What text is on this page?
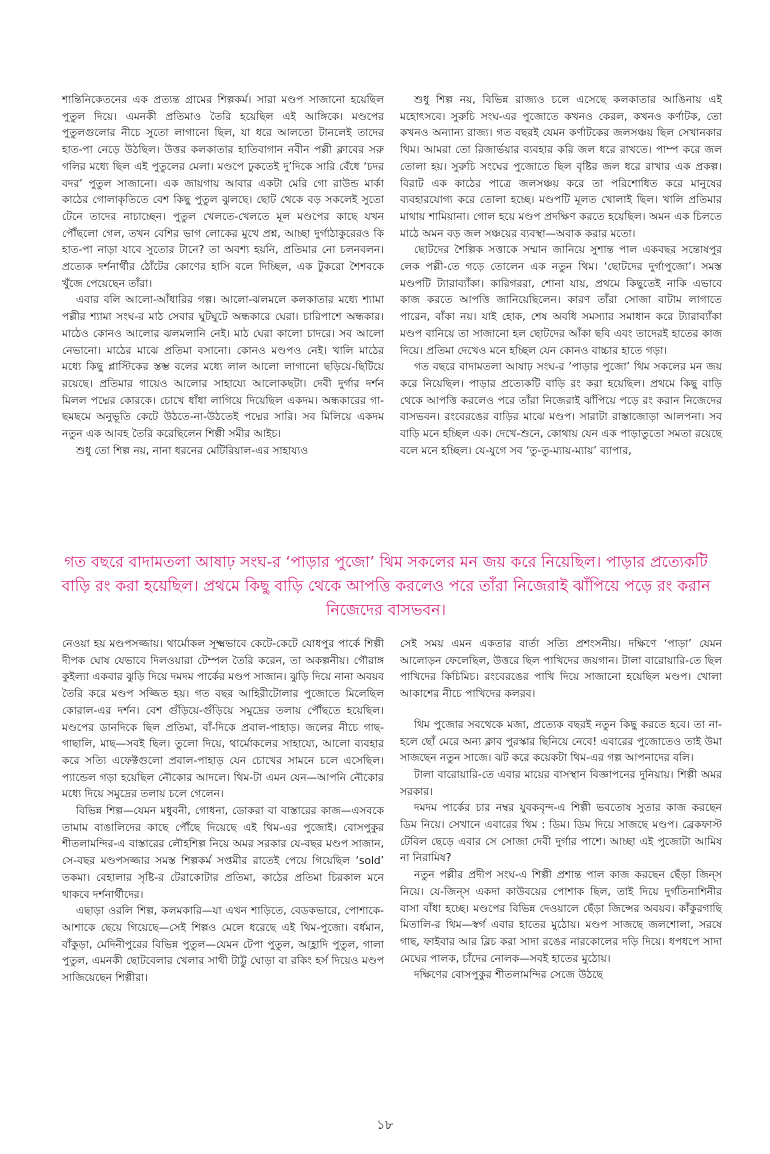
শান্তিনিকেতনের এক প্রত্যন্ত গ্রামের শিল্পকর্ম। সারা মণ্ডপ সাজানো হয়েছিল পুতুল দিয়ে। এমনকী প্রতিমাও তৈরি হয়েছিল এই আঙ্গিকে। মণ্ডপের পুতুলগুলোর নীচে সুতো লাগানো ছিল, যা ধরে আলতো টানলেই তাদের হাত-পা নেড়ে উঠছিল। উত্তর কলকাতার হাতিবাগান নবীন পল্লী ক্লাবের সরু গলির মধ্যে ছিল এই পুতুলের মেলা। মণ্ডপে ঢুকতেই দু’দিকে সারি বেঁধে ‘চদর বদর’ পুতুল সাজানো। এক জায়গায় আবার একটা মেরি গো রাউন্ড মার্কা কাঠের গোলাকৃতিতে বেশ কিছু পুতুল ঝুলছে। ছোট থেকে বড় সকলেই সুতো টেনে তাদের নাচাচ্ছেন। পুতুল খেলতে-খেলতে মূল মণ্ডপের কাছে যখন পৌঁছলো গেল, তখন বেশির ভাগ লোকের মুখে প্রশ্ন, আচ্ছা দুর্গাঠাকুরেরও কি হাত-পা নাড়া যাবে সুতোর টানে? তা অবশ্য হয়নি, প্রতিমার নো চলনবলন। প্রত্যেক দর্শনার্থীর ঠোঁটের কোণের হাসি বলে দিচ্ছিল, এক টুকরো শৈশবকে খুঁজে পেয়েছেন তাঁরা।

এবার বলি আলো-আঁধারির গল্প। আলো-ঝলমলে কলকাতার মধ্যে শ্যামা পল্লীর শ্যামা সংঘ-র মাঠ সেবার ঘুটঘুটে অন্ধকারে ঘেরা। চারিপাশে অন্ধকার। মাঠেও কোনও আলোর ঝলমলানি নেই। মাঠ ঘেরা কালো চাদরে। সব আলো নেভানো। মাঠের মাঝে প্রতিমা বসানো। কোনও মণ্ডপও নেই। খালি মাঠের মধ্যে কিছু প্লাস্টিকের স্তম্ভ বলের মধ্যে লাল আলো লাগানো ছড়িয়ে-ছিটিয়ে রয়েছে। প্রতিমার গায়েও আলোর সাহায্যে আলোকছটা। দেবী দুর্গার দর্শন মিলল পদ্মের কোরকে। চোখে ধাঁধা লাগিয়ে দিয়েছিল একদম। অন্ধকারের গা-ছমছমে অনুভূতি কেটে উঠতে-না-উঠতেই পদ্মের সারি। সব মিলিয়ে একদম নতুন এক আবহ তৈরি করেছিলেন শিল্পী সমীর আইচ।

শুধু তো শিল্প নয়, নানা ধরনের মেটিরিয়াল-এর সাহায্যও

শুধু শিল্প নয়, বিভিন্ন রাজ্যও চলে এসেছে কলকাতার আঙিনায় এই মহোৎসবে। সুরুচি সংঘ-এর পুজোতে কখনও কেরল, কখনও কর্ণাটক, তো কখনও অন্যান্য রাজ্য। গত বছরই যেমন কর্ণাটকের জলসঞ্চয় ছিল সেখানকার থিম। আমরা তো রিজার্ভয়ার ব্যবহার করি জল ধরে রাখতে। পাম্প করে জল তোলা হয়। সুরুচি সংঘের পুজোতে ছিল বৃষ্টির জল ধরে রাখার এক প্রকল্প। বিরাট এক কাঠের পাত্রে জলসঞ্চয় করে তা পরিশোধিত করে মানুষের ব্যবহারযোগ্য করে তোলা হচ্ছে। মণ্ডপটি মূলত খোলাই ছিল। খালি প্রতিমার মাথায় শামিয়ানা। গোল হয়ে মণ্ডপ প্রদক্ষিণ করতে হয়েছিল। অমন এক চিলতে মাঠে অমন বড় জল সঞ্চয়ের ব্যবস্থা—অবাক করার মতো।

ছোটদের শৈল্পিক সত্তাকে সম্মান জানিয়ে সুশান্ত পাল একবছর সন্তোষপুর লেক পল্লী-তে গড়ে তোলেন এক নতুন থিম। ‘ছোটদের দুর্গাপুজো’। সমস্ত মণ্ডপটি ট্যারাব্যাঁকা। কারিগররা, শোনা যায়, প্রথমে কিছুতেই নাকি এভাবে কাজ করতে আপত্তি জানিয়েছিলেন। কারণ তাঁরা সোজা বাটাম লাগাতে পারেন, বাঁকা নয়। যাই হোক, শেষ অবধি সমস্যার সমাধান করে ট্যারাব্যাঁকা মণ্ডপ বানিয়ে তা সাজানো হল ছোটদের আঁকা ছবি এবং তাদেরই হাতের কাজ দিয়ে। প্রতিমা দেখেও মনে হচ্ছিল যেন কোনও বাচ্চার হাতে গড়া।

গত বছরে বাদামতলা আষাঢ় সংঘ-র ‘পাড়ার পুজো’ থিম সকলের মন জয় করে নিয়েছিল। পাড়ার প্রত্যেকটি বাড়ি রং করা হয়েছিল। প্রথমে কিছু বাড়ি থেকে আপত্তি করলেও পরে তাঁরা নিজেরাই ঝাঁপিয়ে পড়ে রং করান নিজেদের বাসভবন। রংবেরঙের বাড়ির মাঝে মণ্ডপ। সারাটা রাস্তাজোড়া আলপনা। সব বাড়ি মনে হচ্ছিল এক। দেখে-শুনে, কোথায় যেন এক পাড়াতুতো সমতা রয়েছে বলে মনে হচ্ছিল। যে-যুগে সব ‘তু-তু-ম্যায়-ম্যায়’ ব্যাপার,

গত বছরে বাদামতলা আষাঢ় সংঘ-র ‘পাড়ার পুজো’ থিম সকলের মন জয় করে নিয়েছিল। পাড়ার প্রত্যেকটি বাড়ি রং করা হয়েছিল। প্রথমে কিছু বাড়ি থেকে আপত্তি করলেও পরে তাঁরা নিজেরাই ঝাঁপিয়ে পড়ে রং করান নিজেদের বাসভবন।

নেওয়া হয় মণ্ডপসজ্জায়। থার্মোকল সূক্ষ্মভাবে কেটে-কেটে যোধপুর পার্কে শিল্পী দীপক ঘোষ যেভাবে দিলওয়ারা টেম্পল তৈরি করেন, তা অকল্পনীয়। গৌরাঙ্গ কুইল্যা একবার ঝুড়ি দিয়ে দমদম পার্কের মণ্ডপ সাজান। ঝুড়ি দিয়ে নানা অবয়ব তৈরি করে মণ্ডপ সজ্জিত হয়। গত বছর আহিরীটোলার পুজোতে মিলেছিল কোরাল-এর দর্শন। বেশ গুঁড়িয়ে-গুঁড়িয়ে সমুদ্রের তলায় পৌঁছতে হয়েছিল। মণ্ডপের ডানদিকে ছিল প্রতিমা, বাঁ-দিকে প্রবাল-পাহাড়। জলের নীচে গাছ-গাছালি, মাছ—সবই ছিল। তুলো দিয়ে, থার্মোকলের সাহায্যে, আলো ব্যবহার করে সত্যি এফেক্টগুলো প্রবাল-পাহাড় যেন চোখের সামনে চলে এসেছিল। প্যান্ডেল গড়া হয়েছিল নৌকোর আদলে। থিম-টা এমন যেন—আপনি নৌকোর মধ্যে দিয়ে সমুদ্রের তলায় চলে গেলেন।

বিভিন্ন শিল্প—যেমন মধুবনী, গোধনা, ডোকরা বা বাস্তারের কাজ—এসবকে তামাম বাঙালিদের কাছে পৌঁছে দিয়েছে এই থিম-এর পুজোই। বোসপুকুর শীতলামন্দির-এ বাস্তারের লৌহশিল্প নিয়ে অমর সরকার যে-বছর মণ্ডপ সাজান, সে-বছর মণ্ডপসজ্জার সমস্ত শিল্পকর্ম সপ্তমীর রাতেই পেয়ে গিয়েছিল ‘sold’ তকমা। বেহালার সৃষ্টি-র টেরাকোটার প্রতিমা, কাঠের প্রতিমা চিরকাল মনে থাকবে দর্শনার্থীদের।

এছাড়া ওরলি শিল্প, কলমকারি—যা এখন শাড়িতে, বেডকভারে, পোশাকে-আশাকে ছেয়ে গিয়েছে—সেই শিল্পও মেলে ধরেছে এই থিম-পুজো। বর্ধমান, বাঁকুড়া, মেদিনীপুরের বিভিন্ন পুতুল—যেমন টেপা পুতুল, আহ্লাদি পুতুল, গালা পুতুল, এমনকী ছোটবেলার খেলার সাথী টাট্টু ঘোড়া বা রকিং হর্স দিয়েও মণ্ডপ সাজিয়েছেন শিল্পীরা।

সেই সময় এমন একতার বার্তা সত্যি প্রশংসনীয়। দক্ষিণে ‘পাড়া’ যেমন আলোড়ন ফেলেছিল, উত্তরে ছিল পাখিদের জয়গান। টালা বারোয়ারি-তে ছিল পাখিদের কিচিমিচ। রংবেরঙের পাখি দিয়ে সাজানো হয়েছিল মণ্ডপ। খোলা আকাশের নীচে পাখিদের কলরব।

থিম পুজোর সবথেকে মজা, প্রত্যেক বছরই নতুন কিছু করতে হবে। তা না-হলে ছোঁ মেরে অন্য ক্লাব পুরস্কার ছিনিয়ে নেবে! এবারের পুজোতেও তাই উমা সাজছেন নতুন সাজে। ঝট করে কয়েকটা থিম-এর গল্প আপনাদের বলি।

টালা বারোয়ারি-তে এবার মায়ের বাসস্থান বিজ্ঞাপনের দুনিয়ায়। শিল্পী অমর সরকার।

দমদম পার্কের চার নম্বর যুবকবৃন্দ-এ শিল্পী ভবতোষ সুতার কাজ করছেন ডিম নিয়ে। সেখানে এবারের থিম : ডিম। ডিম দিয়ে সাজছে মণ্ডপ। ব্রেকফাস্ট টেবিল ছেড়ে এবার সে সোজা দেবী দুর্গার পাশে। আচ্ছা এই পুজোটা আমিষ না নিরামিষ?

নতুন পল্লীর প্রদীপ সংঘ-এ শিল্পী প্রশান্ত পাল কাজ করছেন ছেঁড়া জিন্‌স নিয়ে। যে-জিন্‌স একদা কাউবয়ের পোশাক ছিল, তাই দিয়ে দুর্গতিনাশিনীর বাসা বাঁধা হচ্ছে। মণ্ডপের বিভিন্ন দেওয়ালে ছেঁড়া জিন্সের অবয়ব। কাঁকুরগাছি মিতালি-র থিম—স্বর্গ এবার হাতের মুঠোয়। মণ্ডপ সাজছে জলশোলা, সরষে গাছ, ফাইবার আর ব্লিচ করা সাদা রঙের নারকোলের দড়ি দিয়ে। ধপধপে সাদা মেঘের পালক, চাঁদের নোলক—সবই হাতের মুঠোয়।

দক্ষিণের বোসপুকুর শীতলামন্দির সেজে উঠছে

১৮
